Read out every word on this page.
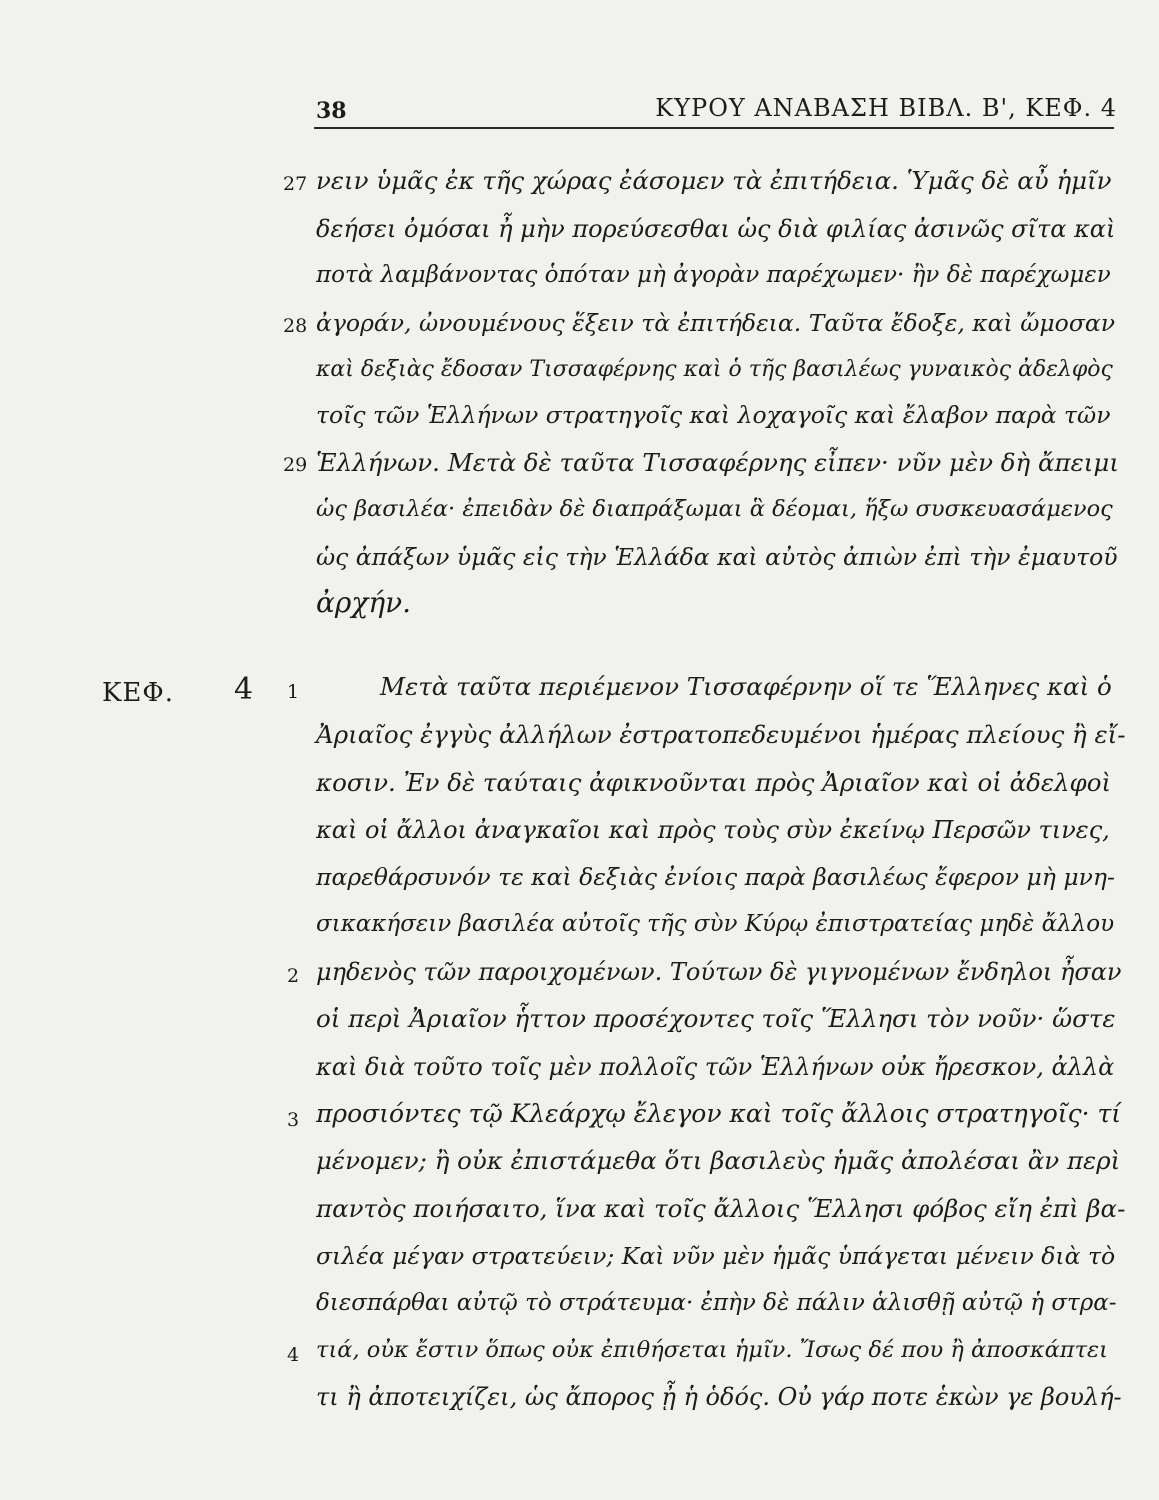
38	ΚΥΡΟΥ ΑΝΑΒΑΣΗ ΒΙΒΛ. Β', ΚΕΦ. 4
ΚΕΦ. 4
27
28
29
1
2
3
4
νειν ὑμᾶς ἐκ τῆς χώρας ἐάσομεν τὰ ἐπιτήδεια. Ὑμᾶς δὲ αὖ ἡμῖν
δεήσει ὀμόσαι ἦ μὴν πορεύσεσθαι ὡς διὰ φιλίας ἀσινῶς σῖτα καὶ
ποτὰ λαμβάνοντας ὁπόταν μὴ ἀγορὰν παρέχωμεν· ἢν δὲ παρέχωμεν
ἀγοράν, ὠνουμένους ἕξειν τὰ ἐπιτήδεια. Ταῦτα ἔδοξε, καὶ ὤμοσαν
καὶ δεξιὰς ἔδοσαν Τισσαφέρνης καὶ ὁ τῆς βασιλέως γυναικὸς ἀδελφὸς
τοῖς τῶν Ἑλλήνων στρατηγοῖς καὶ λοχαγοῖς καὶ ἔλαβον παρὰ τῶν
Ἑλλήνων. Μετὰ δὲ ταῦτα Τισσαφέρνης εἶπεν· νῦν μὲν δὴ ἄπειμι
ὡς βασιλέα· ἐπειδὰν δὲ διαπράξωμαι ἃ δέομαι, ἥξω συσκευασάμενος
ὡς ἀπάξων ὑμᾶς εἰς τὴν Ἑλλάδα καὶ αὐτὸς ἀπιὼν ἐπὶ τὴν ἐμαυτοῦ
ἀρχήν.
Μετὰ ταῦτα περιέμενον Τισσαφέρνην οἵ τε Ἕλληνες καὶ ὁ
Ἀριαῖος ἐγγὺς ἀλλήλων ἐστρατοπεδευμένοι ἡμέρας πλείους ἢ εἴ-
κοσιν. Ἐν δὲ ταύταις ἀφικνοῦνται πρὸς Ἀριαῖον καὶ οἱ ἀδελφοὶ
καὶ οἱ ἄλλοι ἀναγκαῖοι καὶ πρὸς τοὺς σὺν ἐκείνῳ Περσῶν τινες,
παρεθάρσυνόν τε καὶ δεξιὰς ἐνίοις παρὰ βασιλέως ἔφερον μὴ μνη-
σικακήσειν βασιλέα αὐτοῖς τῆς σὺν Κύρῳ ἐπιστρατείας μηδὲ ἄλλου
μηδενὸς τῶν παροιχομένων. Τούτων δὲ γιγνομένων ἔνδηλοι ἦσαν
οἱ περὶ Ἀριαῖον ἧττον προσέχοντες τοῖς Ἕλλησι τὸν νοῦν· ὥστε
καὶ διὰ τοῦτο τοῖς μὲν πολλοῖς τῶν Ἑλλήνων οὐκ ἤρεσκον, ἀλλὰ
προσιόντες τῷ Κλεάρχῳ ἔλεγον καὶ τοῖς ἄλλοις στρατηγοῖς· τί
μένομεν; ἢ οὐκ ἐπιστάμεθα ὅτι βασιλεὺς ἡμᾶς ἀπολέσαι ἂν περὶ
παντὸς ποιήσαιτο, ἵνα καὶ τοῖς ἄλλοις Ἕλλησι φόβος εἴη ἐπὶ βα-
σιλέα μέγαν στρατεύειν; Καὶ νῦν μὲν ἡμᾶς ὑπάγεται μένειν διὰ τὸ
διεσπάρθαι αὐτῷ τὸ στράτευμα· ἐπὴν δὲ πάλιν ἁλισθῇ αὐτῷ ἡ στρα-
τιά, οὐκ ἔστιν ὅπως οὐκ ἐπιθήσεται ἡμῖν. Ἴσως δέ που ἢ ἀποσκάπτει
τι ἢ ἀποτειχίζει, ὡς ἄπορος ᾖ ἡ ὁδός. Οὐ γάρ ποτε ἑκὼν γε βουλή-
